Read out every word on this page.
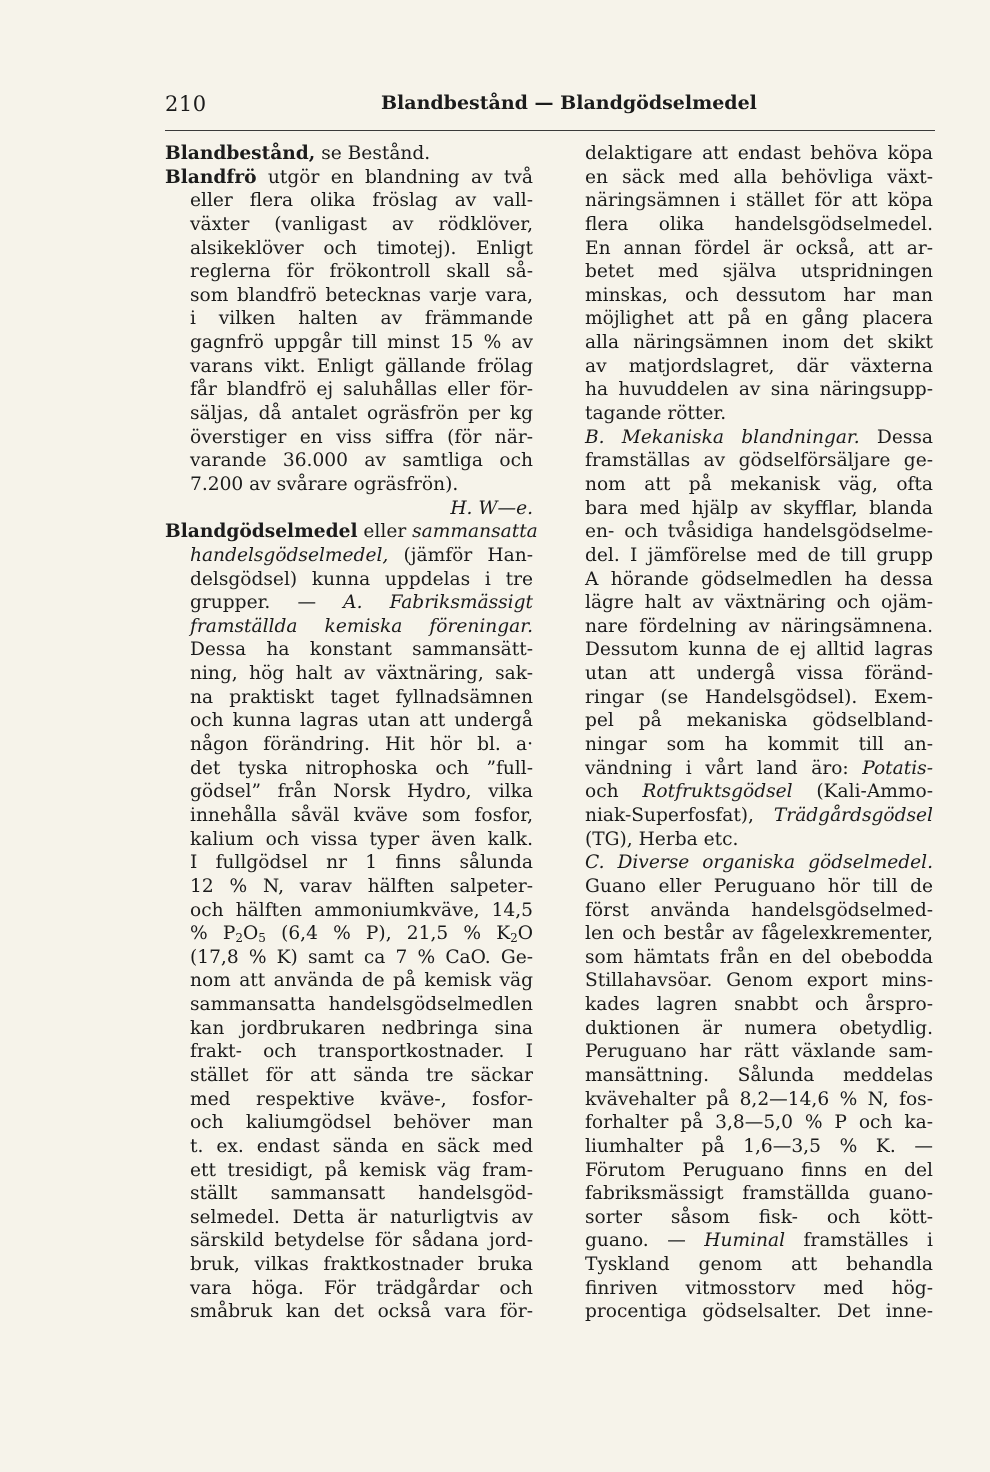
210	Blandbestånd — Blandgödselmedel
Blandbestånd, se Bestånd.
Blandfrö utgör en blandning av två
eller flera olika fröslag av vall-
växter (vanligast av rödklöver,
alsikeklöver och timotej). Enligt
reglerna för frökontroll skall så-
som blandfrö betecknas varje vara,
i vilken halten av främmande
gagnfrö uppgår till minst 15 % av
varans vikt. Enligt gällande frölag
får blandfrö ej saluhållas eller för-
säljas, då antalet ogräsfrön per kg
överstiger en viss siffra (för när-
varande 36.000 av samtliga och
7.200 av svårare ogräsfrön).
H. W—e.
Blandgödselmedel eller sammansatta
handelsgödselmedel, (jämför Han-
delsgödsel) kunna uppdelas i tre
grupper. — A. Fabriksmässigt
framställda kemiska föreningar.
Dessa ha konstant sammansätt-
ning, hög halt av växtnäring, sak-
na praktiskt taget fyllnadsämnen
och kunna lagras utan att undergå
någon förändring. Hit hör bl. a·
det tyska nitrophoska och ”full-
gödsel” från Norsk Hydro, vilka
innehålla såväl kväve som fosfor,
kalium och vissa typer även kalk.
I fullgödsel nr 1 finns sålunda
12 % N, varav hälften salpeter-
och hälften ammoniumkväve, 14,5
% $P_2O_5$ (6,4 % P), 21,5 % $K_2O$
(17,8 % K) samt ca 7 % CaO. Ge-
nom att använda de på kemisk väg
sammansatta handelsgödselmedlen
kan jordbrukaren nedbringa sina
frakt- och transportkostnader. I
stället för att sända tre säckar
med respektive kväve-, fosfor-
och kaliumgödsel behöver man
t. ex. endast sända en säck med
ett tresidigt, på kemisk väg fram-
ställt sammansatt handelsgöd-
selmedel. Detta är naturligtvis av
särskild betydelse för sådana jord-
bruk, vilkas fraktkostnader bruka
vara höga. För trädgårdar och
småbruk kan det också vara för-
delaktigare att endast behöva köpa
en säck med alla behövliga växt-
näringsämnen i stället för att köpa
flera olika handelsgödselmedel.
En annan fördel är också, att ar-
betet med själva utspridningen
minskas, och dessutom har man
möjlighet att på en gång placera
alla näringsämnen inom det skikt
av matjordslagret, där växterna
ha huvuddelen av sina näringsupp-
tagande rötter.
B. Mekaniska blandningar. Dessa
framställas av gödselförsäljare ge-
nom att på mekanisk väg, ofta
bara med hjälp av skyfflar, blanda
en- och tvåsidiga handelsgödselme-
del. I jämförelse med de till grupp
A hörande gödselmedlen ha dessa
lägre halt av växtnäring och ojäm-
nare fördelning av näringsämnena.
Dessutom kunna de ej alltid lagras
utan att undergå vissa föränd-
ringar (se Handelsgödsel). Exem-
pel på mekaniska gödselbland-
ningar som ha kommit till an-
vändning i vårt land äro: Potatis-
och Rotfruktsgödsel (Kali-Ammo-
niak-Superfosfat), Trädgårdsgödsel
(TG), Herba etc.
C. Diverse organiska gödselmedel.
Guano eller Peruguano hör till de
först använda handelsgödselmed-
len och består av fågelexkrementer,
som hämtats från en del obebodda
Stillahavsöar. Genom export mins-
kades lagren snabbt och årspro-
duktionen är numera obetydlig.
Peruguano har rätt växlande sam-
mansättning. Sålunda meddelas
kvävehalter på 8,2—14,6 % N, fos-
forhalter på 3,8—5,0 % P och ka-
liumhalter på 1,6—3,5 % K. —
Förutom Peruguano finns en del
fabriksmässigt framställda guano-
sorter såsom fisk- och kött-
guano. — Huminal framställes i
Tyskland genom att behandla
finriven vitmosstorv med hög-
procentiga gödselsalter. Det inne-
